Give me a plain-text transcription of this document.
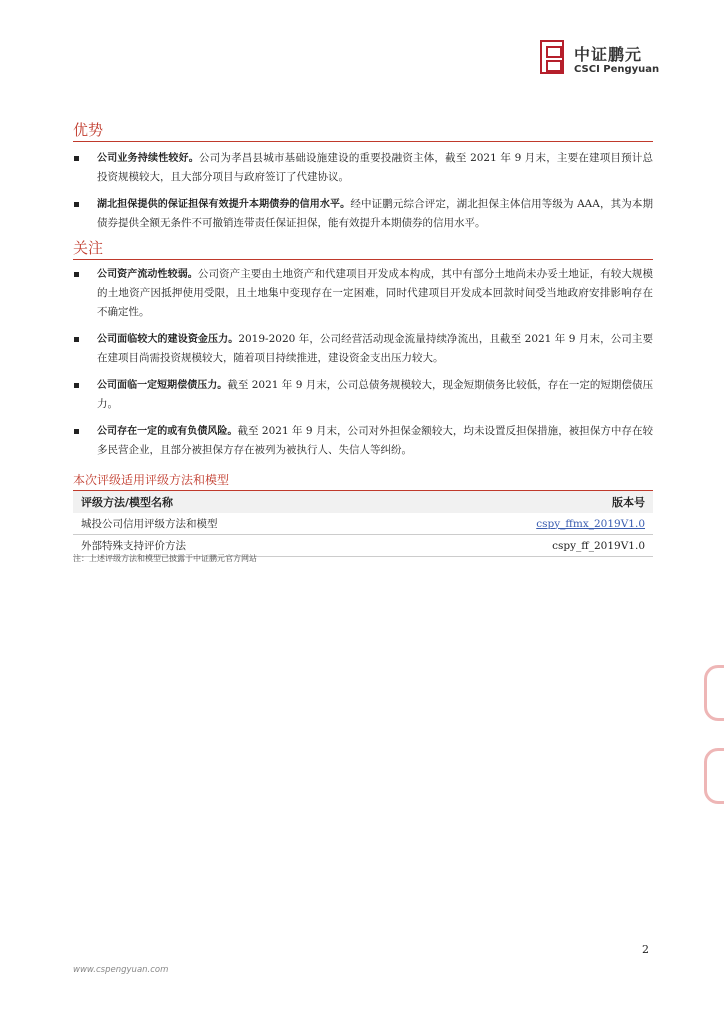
中证鹏元
CSCI Pengyuan
优势
公司业务持续性较好。公司为孝昌县城市基础设施建设的重要投融资主体，截至 2021 年 9 月末，主要在建项目预计总投资规模较大，且大部分项目与政府签订了代建协议。
湖北担保提供的保证担保有效提升本期债券的信用水平。经中证鹏元综合评定，湖北担保主体信用等级为 AAA，其为本期债券提供全额无条件不可撤销连带责任保证担保，能有效提升本期债券的信用水平。
关注
公司资产流动性较弱。公司资产主要由土地资产和代建项目开发成本构成，其中有部分土地尚未办妥土地证，有较大规模的土地资产因抵押使用受限，且土地集中变现存在一定困难，同时代建项目开发成本回款时间受当地政府安排影响存在不确定性。
公司面临较大的建设资金压力。2019-2020 年，公司经营活动现金流量持续净流出，且截至 2021 年 9 月末，公司主要在建项目尚需投资规模较大，随着项目持续推进，建设资金支出压力较大。
公司面临一定短期偿债压力。截至 2021 年 9 月末，公司总债务规模较大，现金短期债务比较低，存在一定的短期偿债压力。
公司存在一定的或有负债风险。截至 2021 年 9 月末，公司对外担保金额较大，均未设置反担保措施，被担保方中存在较多民营企业，且部分被担保方存在被列为被执行人、失信人等纠纷。
本次评级适用评级方法和模型
评级方法/模型名称	版本号
城投公司信用评级方法和模型	cspy_ffmx_2019V1.0
外部特殊支持评价方法	cspy_ff_2019V1.0
注：上述评级方法和模型已披露于中证鹏元官方网站
2
www.cspengyuan.com
